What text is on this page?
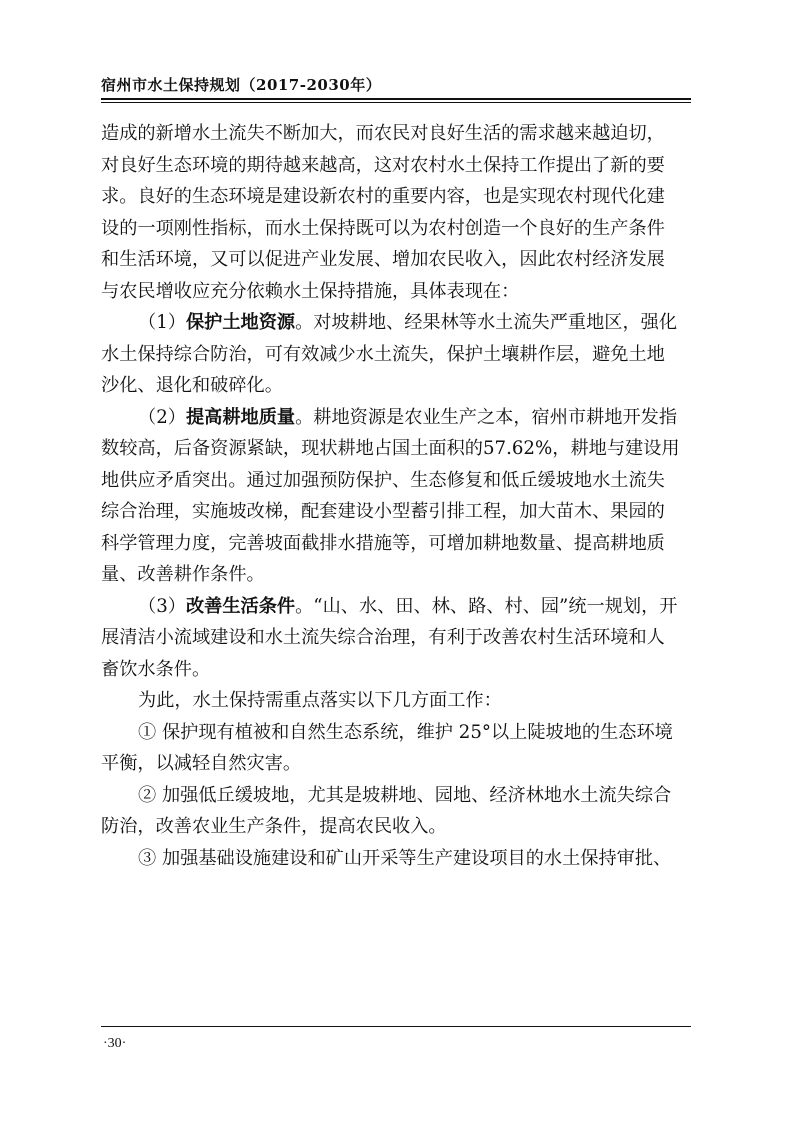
宿州市水土保持规划（2017-2030年）
造成的新增水土流失不断加大，而农民对良好生活的需求越来越迫切，
对良好生态环境的期待越来越高，这对农村水土保持工作提出了新的要
求。良好的生态环境是建设新农村的重要内容，也是实现农村现代化建
设的一项刚性指标，而水土保持既可以为农村创造一个良好的生产条件
和生活环境，又可以促进产业发展、增加农民收入，因此农村经济发展
与农民增收应充分依赖水土保持措施，具体表现在：
（1）保护土地资源。对坡耕地、经果林等水土流失严重地区，强化
水土保持综合防治，可有效减少水土流失，保护土壤耕作层，避免土地
沙化、退化和破碎化。
（2）提高耕地质量。耕地资源是农业生产之本，宿州市耕地开发指
数较高，后备资源紧缺，现状耕地占国土面积的57.62%，耕地与建设用
地供应矛盾突出。通过加强预防保护、生态修复和低丘缓坡地水土流失
综合治理，实施坡改梯，配套建设小型蓄引排工程，加大苗木、果园的
科学管理力度，完善坡面截排水措施等，可增加耕地数量、提高耕地质
量、改善耕作条件。
（3）改善生活条件。“山、水、田、林、路、村、园”统一规划，开
展清洁小流域建设和水土流失综合治理，有利于改善农村生活环境和人
畜饮水条件。
为此，水土保持需重点落实以下几方面工作：
① 保护现有植被和自然生态系统，维护 25°以上陡坡地的生态环境
平衡，以减轻自然灾害。
② 加强低丘缓坡地，尤其是坡耕地、园地、经济林地水土流失综合
防治，改善农业生产条件，提高农民收入。
③ 加强基础设施建设和矿山开采等生产建设项目的水土保持审批、
·30·
